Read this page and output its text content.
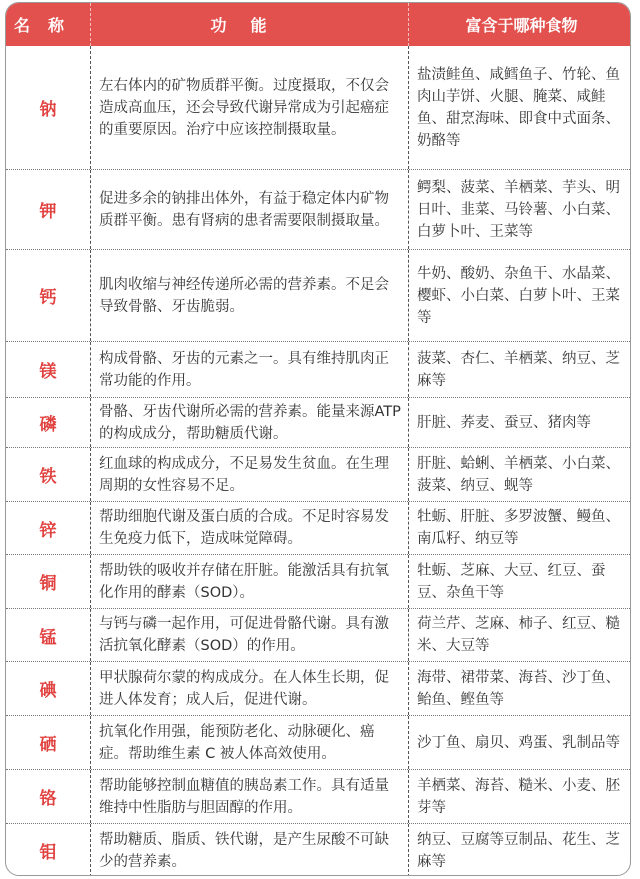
名称	功能	富含于哪种食物
钠
左右体内的矿物质群平衡。过度摄取，不仅会造成高血压，还会导致代谢异常成为引起癌症的重要原因。治疗中应该控制摄取量。
盐渍鲑鱼、咸鳕鱼子、竹轮、鱼肉山芋饼、火腿、腌菜、咸鲑鱼、甜烹海味、即食中式面条、奶酪等
钾
促进多余的钠排出体外，有益于稳定体内矿物质群平衡。患有肾病的患者需要限制摄取量。
鳄梨、菠菜、羊栖菜、芋头、明日叶、韭菜、马铃薯、小白菜、白萝卜叶、王菜等
钙
肌肉收缩与神经传递所必需的营养素。不足会导致骨骼、牙齿脆弱。
牛奶、酸奶、杂鱼干、水晶菜、樱虾、小白菜、白萝卜叶、王菜等
镁
构成骨骼、牙齿的元素之一。具有维持肌肉正常功能的作用。
菠菜、杏仁、羊栖菜、纳豆、芝麻等
磷
骨骼、牙齿代谢所必需的营养素。能量来源ATP 的构成成分，帮助糖质代谢。
肝脏、荞麦、蚕豆、猪肉等
铁
红血球的构成成分，不足易发生贫血。在生理周期的女性容易不足。
肝脏、蛤蜊、羊栖菜、小白菜、菠菜、纳豆、蚬等
锌
帮助细胞代谢及蛋白质的合成。不足时容易发生免疫力低下，造成味觉障碍。
牡蛎、肝脏、多罗波蟹、鳗鱼、南瓜籽、纳豆等
铜
帮助铁的吸收并存储在肝脏。能激活具有抗氧化作用的酵素（SOD）。
牡蛎、芝麻、大豆、红豆、蚕豆、杂鱼干等
锰
与钙与磷一起作用，可促进骨骼代谢。具有激活抗氧化酵素（SOD）的作用。
荷兰芹、芝麻、柿子、红豆、糙米、大豆等
碘
甲状腺荷尔蒙的构成成分。在人体生长期，促进人体发育；成人后，促进代谢。
海带、裙带菜、海苔、沙丁鱼、鲐鱼、鲣鱼等
硒
抗氧化作用强，能预防老化、动脉硬化、癌症。帮助维生素 C 被人体高效使用。
沙丁鱼、扇贝、鸡蛋、乳制品等
铬
帮助能够控制血糖值的胰岛素工作。具有适量维持中性脂肪与胆固醇的作用。
羊栖菜、海苔、糙米、小麦、胚芽等
钼
帮助糖质、脂质、铁代谢，是产生尿酸不可缺少的营养素。
纳豆、豆腐等豆制品、花生、芝麻等
